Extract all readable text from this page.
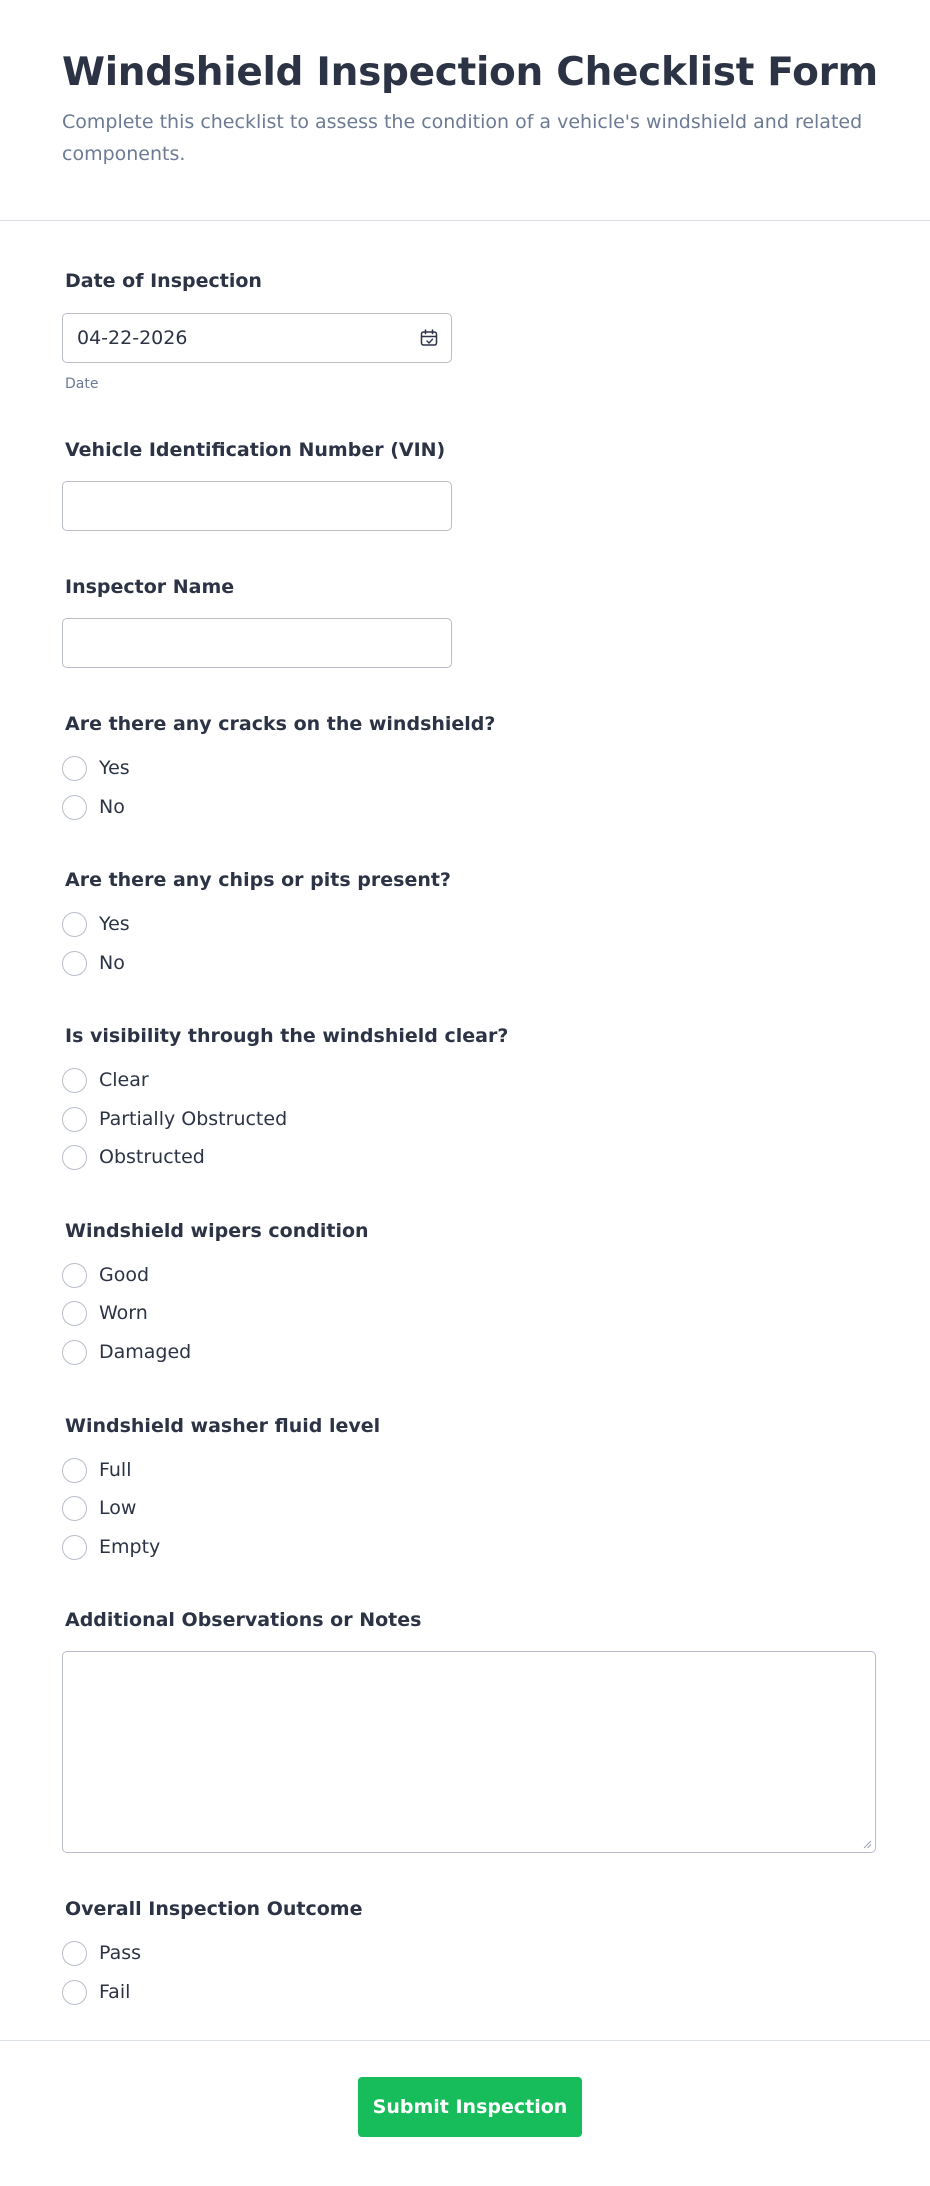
Windshield Inspection Checklist Form

Complete this checklist to assess the condition of a vehicle's windshield and related components.

Date of Inspection
04-22-2026
Date
Vehicle Identification Number (VIN)
Inspector Name
Are there any cracks on the windshield?
Yes
No
Are there any chips or pits present?
Yes
No
Is visibility through the windshield clear?
Clear
Partially Obstructed
Obstructed
Windshield wipers condition
Good
Worn
Damaged
Windshield washer fluid level
Full
Low
Empty
Additional Observations or Notes
Overall Inspection Outcome
Pass
Fail
Submit Inspection
